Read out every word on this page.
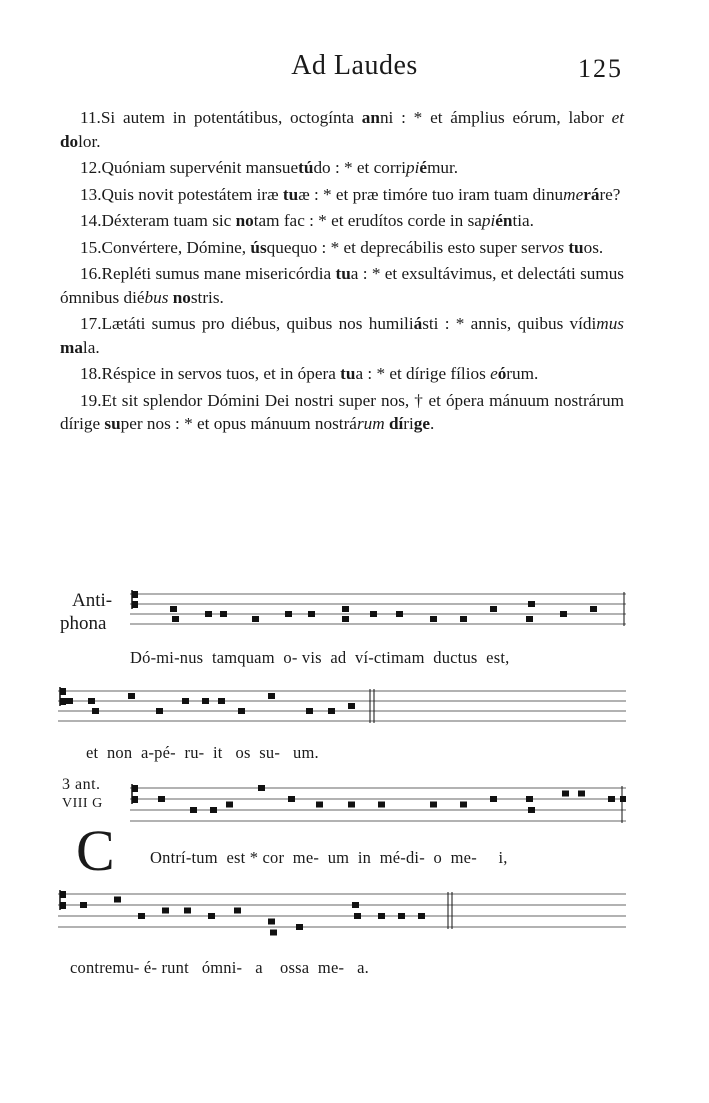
Ad Laudes	125

11.Si autem in potentátibus, octogínta anni : * et ámplius eórum, labor et dolor.

12.Quóniam supervénit mansuetúdo : * et corripiémur.

13.Quis novit potestátem iræ tuæ : * et præ timóre tuo iram tuam dinumeráre?

14.Déxteram tuam sic notam fac : * et erudítos corde in sapiéntia.

15.Convértere, Dómine, úsquequo : * et deprecábilis esto super servos tuos.

16.Repléti sumus mane misericórdia tua : * et exsultávimus, et delectáti sumus ómnibus diébus nostris.

17.Lætáti sumus pro diébus, quibus nos humiliásti : * annis, quibus vídimus mala.

18.Réspice in servos tuos, et in ópera tua : * et dírige fílios eórum.

19.Et sit splendor Dómini Dei nostri super nos, † et ópera mánuum nostrárum dírige super nos : * et opus mánuum nostrárum dírige.

Anti-
phona
Dó-mi-nus  tamquam  o- vis  ad  ví-ctimam  ductus  est,
et  non  a-pé-  ru-  it   os  su-   um.
3 ant.
VIII G
C Ontrí-tum  est * cor  me-  um  in  mé-di-  o  me-     i,
contremu- é- runt   ómni-   a    ossa  me-   a.
